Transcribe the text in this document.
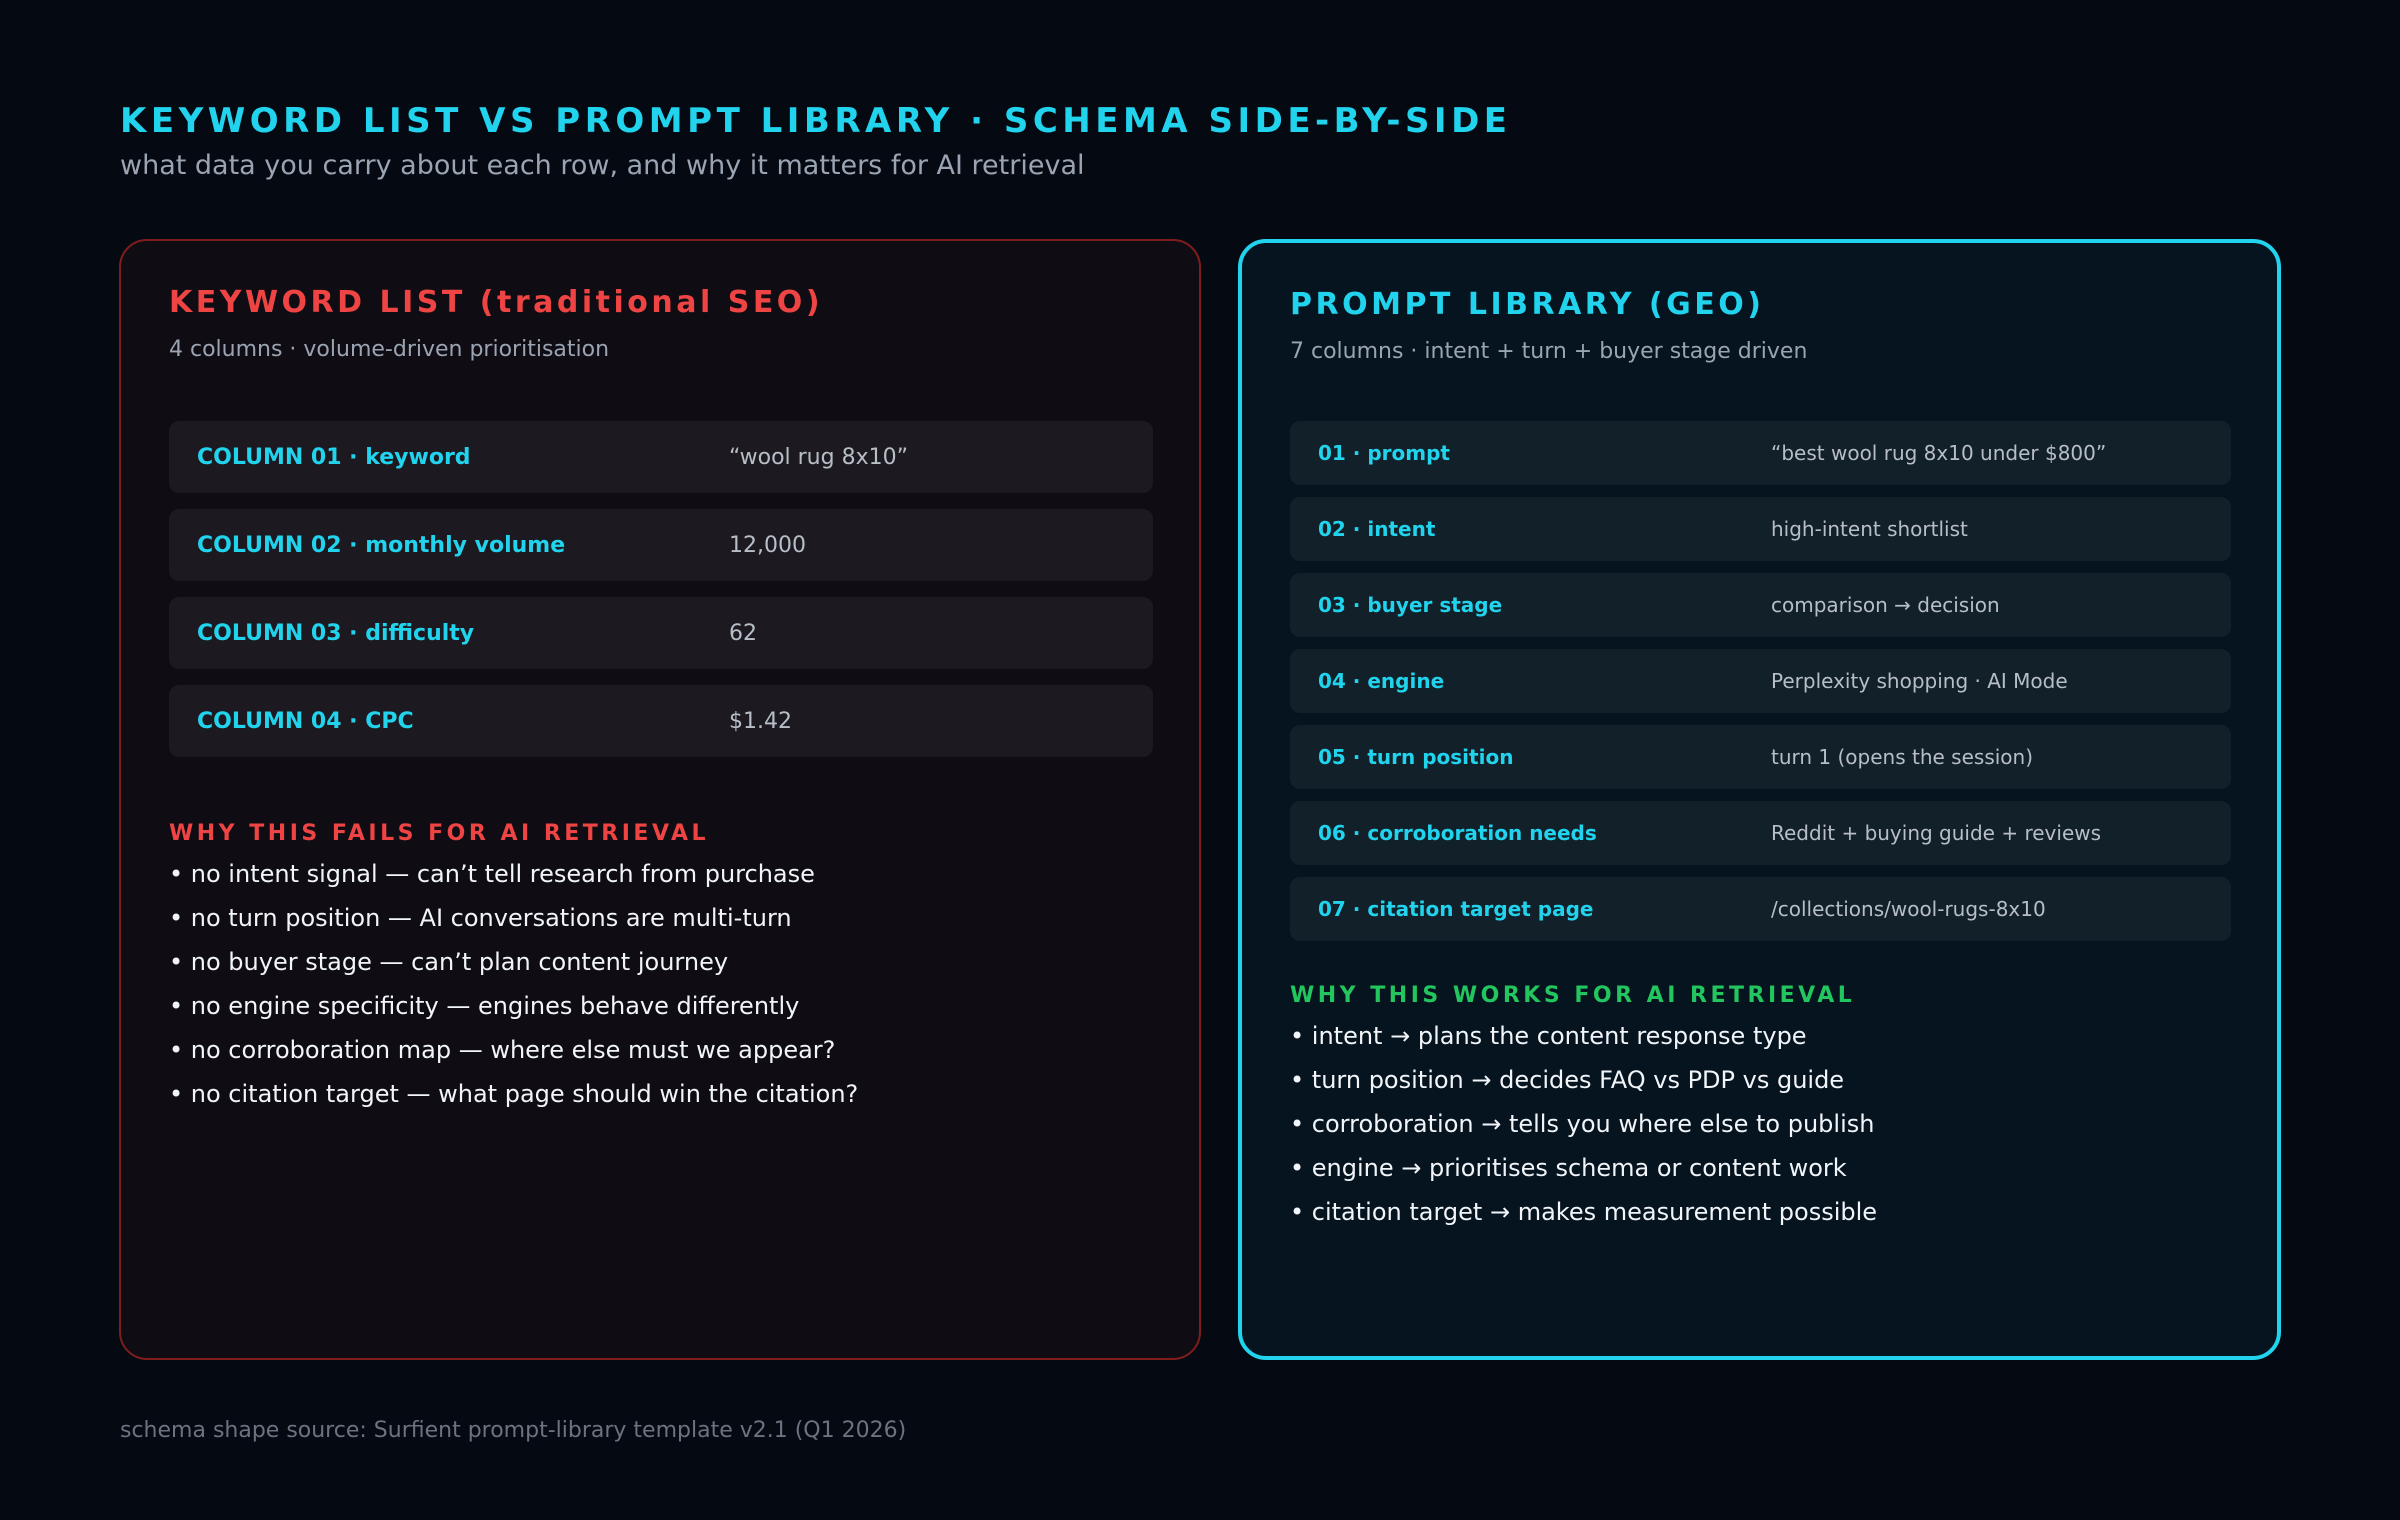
KEYWORD LIST VS PROMPT LIBRARY · SCHEMA SIDE-BY-SIDE
what data you carry about each row, and why it matters for AI retrieval
KEYWORD LIST (traditional SEO)
4 columns · volume-driven prioritisation
COLUMN 01 · keyword	“wool rug 8x10”
COLUMN 02 · monthly volume	12,000
COLUMN 03 · difficulty	62
COLUMN 04 · CPC	$1.42
WHY THIS FAILS FOR AI RETRIEVAL
• no intent signal — can’t tell research from purchase
• no turn position — AI conversations are multi-turn
• no buyer stage — can’t plan content journey
• no engine specificity — engines behave differently
• no corroboration map — where else must we appear?
• no citation target — what page should win the citation?
PROMPT LIBRARY (GEO)
7 columns · intent + turn + buyer stage driven
01 · prompt	“best wool rug 8x10 under $800”
02 · intent	high-intent shortlist
03 · buyer stage	comparison → decision
04 · engine	Perplexity shopping · AI Mode
05 · turn position	turn 1 (opens the session)
06 · corroboration needs	Reddit + buying guide + reviews
07 · citation target page	/collections/wool-rugs-8x10
WHY THIS WORKS FOR AI RETRIEVAL
• intent → plans the content response type
• turn position → decides FAQ vs PDP vs guide
• corroboration → tells you where else to publish
• engine → prioritises schema or content work
• citation target → makes measurement possible
schema shape source: Surfient prompt-library template v2.1 (Q1 2026)
